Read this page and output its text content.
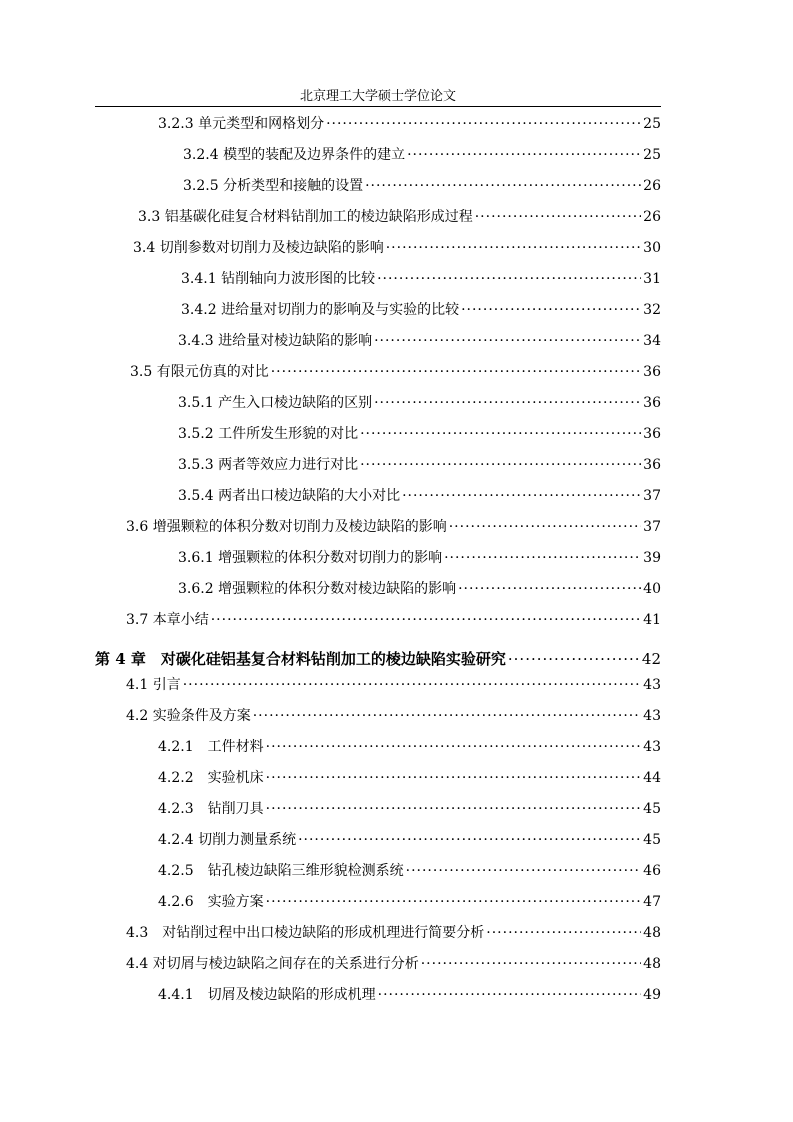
北京理工大学硕士学位论文
3.2.3 单元类型和网格划分 ·····	25
3.2.4 模型的装配及边界条件的建立 ·····	25
3.2.5 分析类型和接触的设置 ·····	26
3.3 铝基碳化硅复合材料钻削加工的棱边缺陷形成过程 ·····	26
3.4 切削参数对切削力及棱边缺陷的影响 ·····	30
3.4.1 钻削轴向力波形图的比较 ·····	31
3.4.2 进给量对切削力的影响及与实验的比较 ·····	32
3.4.3 进给量对棱边缺陷的影响 ·····	34
3.5 有限元仿真的对比 ·····	36
3.5.1 产生入口棱边缺陷的区别 ·····	36
3.5.2 工件所发生形貌的对比 ·····	36
3.5.3 两者等效应力进行对比 ·····	36
3.5.4 两者出口棱边缺陷的大小对比 ·····	37
3.6 增强颗粒的体积分数对切削力及棱边缺陷的影响 ·····	37
3.6.1 增强颗粒的体积分数对切削力的影响 ·····	39
3.6.2 增强颗粒的体积分数对棱边缺陷的影响 ·····	40
3.7 本章小结 ·····	41
第 4 章　对碳化硅铝基复合材料钻削加工的棱边缺陷实验研究 ·····	42
4.1 引言 ·····	43
4.2 实验条件及方案 ·····	43
4.2.1　工件材料 ·····	43
4.2.2　实验机床 ·····	44
4.2.3　钻削刀具 ·····	45
4.2.4 切削力测量系统 ·····	45
4.2.5　钻孔棱边缺陷三维形貌检测系统 ·····	46
4.2.6　实验方案 ·····	47
4.3　对钻削过程中出口棱边缺陷的形成机理进行简要分析 ·····	48
4.4 对切屑与棱边缺陷之间存在的关系进行分析 ·····	48
4.4.1　切屑及棱边缺陷的形成机理 ·····	49
